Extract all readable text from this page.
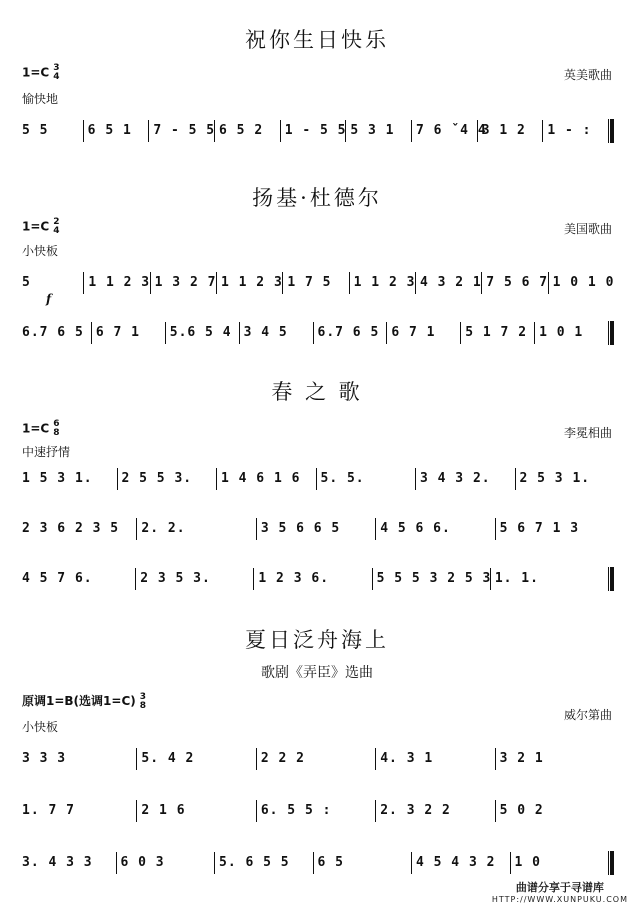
祝你生日快乐
1=C 3
4	英美歌曲
愉快地
5 5	6 5 1	7 - 5 5 6 5 2	1 - 5 5 5 3 1	7 6 ˇ4 4
3 1 2	1 - :
扬基·杜德尔
1=C 2
4	美国歌曲
小快板
5	1 1 2 3 1 3 2 7 1 1 2 3 1 7 5	1 1 2 3 4 3 2 1 7 5 6 7 1 0 1 0
f
6.7 6 5 6 7 1	5.6 5 4 3 4 5	6.7 6 5 6 7 1	5 1 7 2 1 0 1
春 之 歌
1=C 6
8	李冕相曲
中速抒情
1 5 3 1.	2 5 5 3.	1 4 6 1 6	5. 5.	3 4 3 2.	2 5 3 1.
2 3 6 2 3 5	2. 2.	3 5 6 6 5	4 5 6 6.	5 6 7 1 3
4 5 7 6.	2 3 5 3.	1 2 3 6.	5 5 5 3 2 5 3 1. 1.
夏日泛舟海上
歌剧《弄臣》选曲
原调1=B(选调1=C) 3
8
威尔第曲
小快板
3 3 3	5. 4 2	2 2 2	4. 3 1	3 2 1
1. 7 7	2 1 6	6. 5 5 :	2. 3 2 2	5 0 2
3. 4 3 3	6 0 3	5. 6 5 5	6 5	4 5 4 3 2	1 0
曲谱分享于寻谱库
HTTP://WWW.XUNPUKU.COM
